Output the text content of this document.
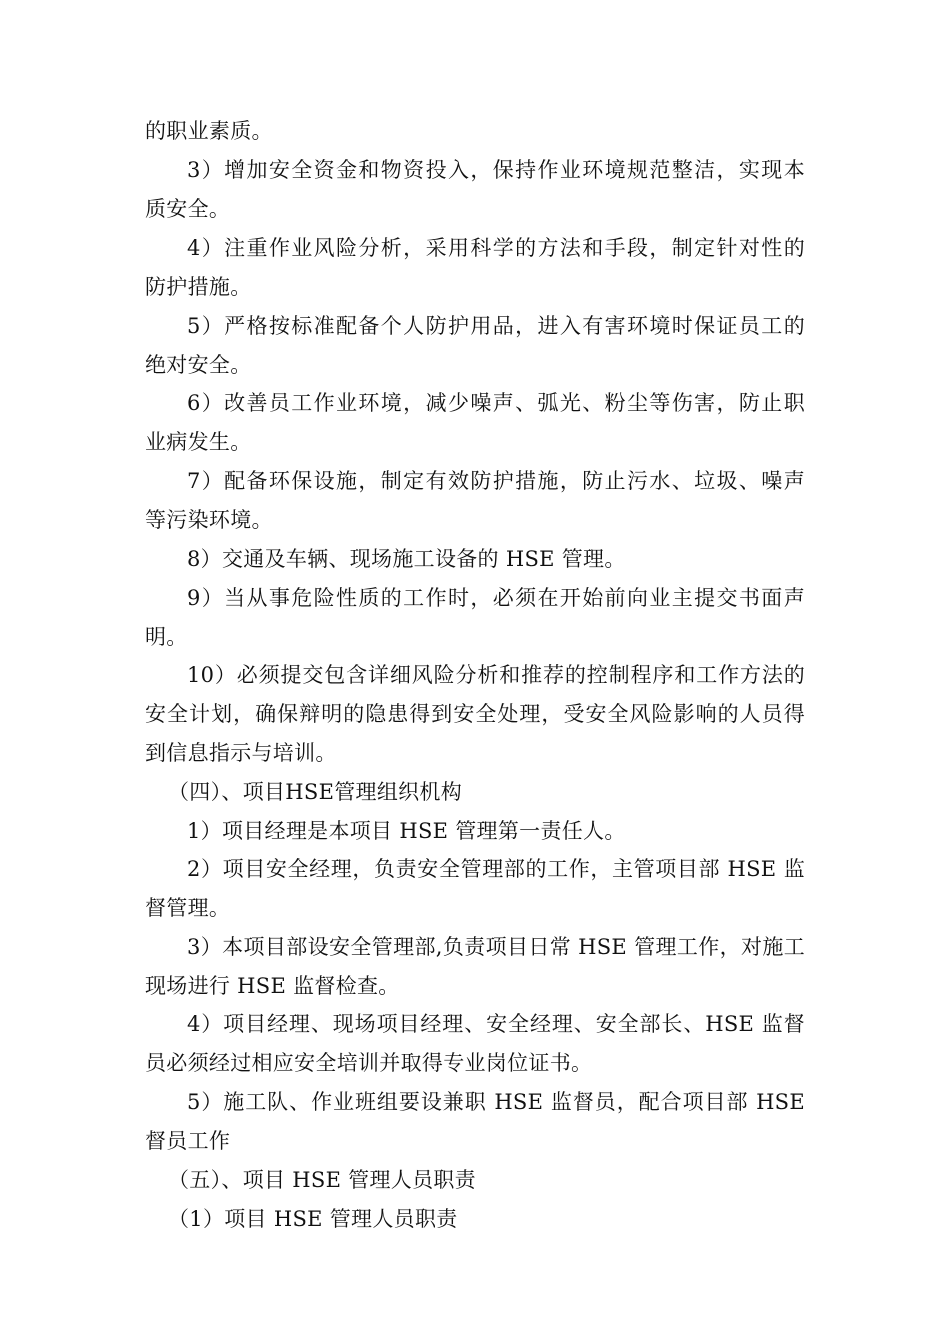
的职业素质。
3）增加安全资金和物资投入，保持作业环境规范整洁，实现本
质安全。
4）注重作业风险分析，采用科学的方法和手段，制定针对性的
防护措施。
5）严格按标准配备个人防护用品，进入有害环境时保证员工的
绝对安全。
6）改善员工作业环境，减少噪声、弧光、粉尘等伤害，防止职
业病发生。
7）配备环保设施，制定有效防护措施，防止污水、垃圾、噪声
等污染环境。
8）交通及车辆、现场施工设备的 HSE 管理。
9）当从事危险性质的工作时，必须在开始前向业主提交书面声
明。
10）必须提交包含详细风险分析和推荐的控制程序和工作方法的
安全计划，确保辩明的隐患得到安全处理，受安全风险影响的人员得
到信息指示与培训。
（四）、项目HSE管理组织机构
1）项目经理是本项目 HSE 管理第一责任人。
2）项目安全经理，负责安全管理部的工作，主管项目部 HSE 监
督管理。
3）本项目部设安全管理部,负责项目日常 HSE 管理工作，对施工
现场进行 HSE 监督检查。
4）项目经理、现场项目经理、安全经理、安全部长、HSE 监督
员必须经过相应安全培训并取得专业岗位证书。
5）施工队、作业班组要设兼职 HSE 监督员，配合项目部 HSE
督员工作
（五）、项目 HSE 管理人员职责
（1）项目 HSE 管理人员职责
